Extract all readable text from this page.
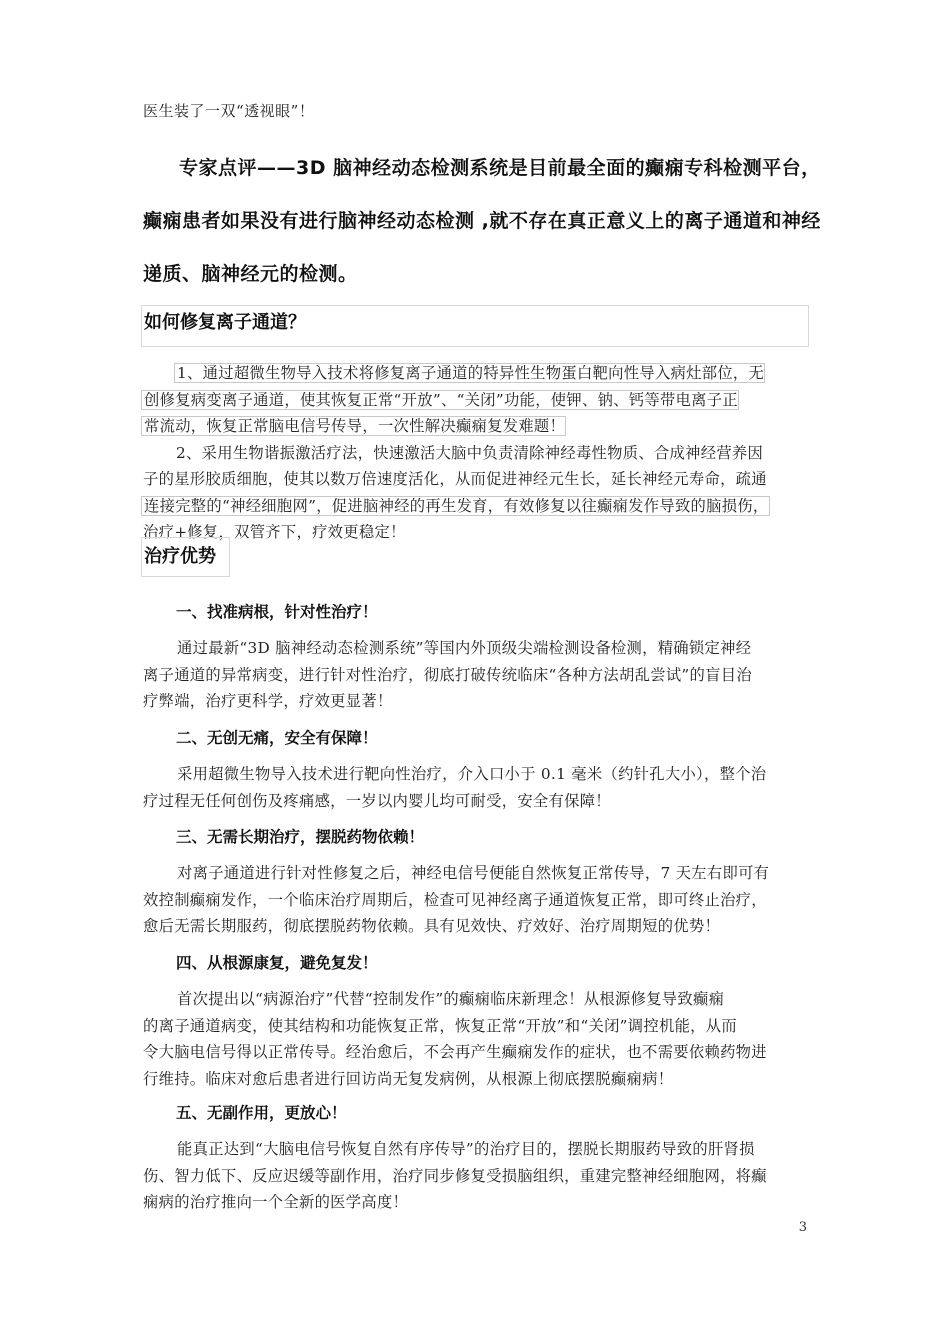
医生装了一双“透视眼”！

专家点评——3D 脑神经动态检测系统是目前最全面的癫痫专科检测平台，

癫痫患者如果没有进行脑神经动态检测 ,就不存在真正意义上的离子通道和神经

递质、脑神经元的检测。

如何修复离子通道？

1、通过超微生物导入技术将修复离子通道的特异性生物蛋白靶向性导入病灶部位，无

创修复病变离子通道，使其恢复正常“开放”、“关闭”功能，使钾、钠、钙等带电离子正

常流动，恢复正常脑电信号传导，一次性解决癫痫复发难题！

2、采用生物谐振激活疗法，快速激活大脑中负责清除神经毒性物质、合成神经营养因

子的星形胶质细胞，使其以数万倍速度活化，从而促进神经元生长，延长神经元寿命，疏通

连接完整的“神经细胞网”，促进脑神经的再生发育，有效修复以往癫痫发作导致的脑损伤，

治疗+修复，双管齐下，疗效更稳定！

治疗优势
一、找准病根，针对性治疗！

通过最新“3D 脑神经动态检测系统”等国内外顶级尖端检测设备检测，精确锁定神经

离子通道的异常病变，进行针对性治疗，彻底打破传统临床“各种方法胡乱尝试”的盲目治

疗弊端，治疗更科学，疗效更显著！

二、无创无痛，安全有保障！

采用超微生物导入技术进行靶向性治疗，介入口小于 0.1 毫米（约针孔大小），整个治

疗过程无任何创伤及疼痛感，一岁以内婴儿均可耐受，安全有保障！

三、无需长期治疗，摆脱药物依赖！

对离子通道进行针对性修复之后，神经电信号便能自然恢复正常传导，7 天左右即可有

效控制癫痫发作，一个临床治疗周期后，检查可见神经离子通道恢复正常，即可终止治疗，

愈后无需长期服药，彻底摆脱药物依赖。具有见效快、疗效好、治疗周期短的优势！

四、从根源康复，避免复发！

首次提出以“病源治疗”代替“控制发作”的癫痫临床新理念！从根源修复导致癫痫

的离子通道病变，使其结构和功能恢复正常，恢复正常“开放”和“关闭”调控机能，从而

令大脑电信号得以正常传导。经治愈后，不会再产生癫痫发作的症状，也不需要依赖药物进

行维持。临床对愈后患者进行回访尚无复发病例，从根源上彻底摆脱癫痫病！

五、无副作用，更放心！

能真正达到“大脑电信号恢复自然有序传导”的治疗目的，摆脱长期服药导致的肝肾损

伤、智力低下、反应迟缓等副作用，治疗同步修复受损脑组织，重建完整神经细胞网，将癫

痫病的治疗推向一个全新的医学高度！

3
